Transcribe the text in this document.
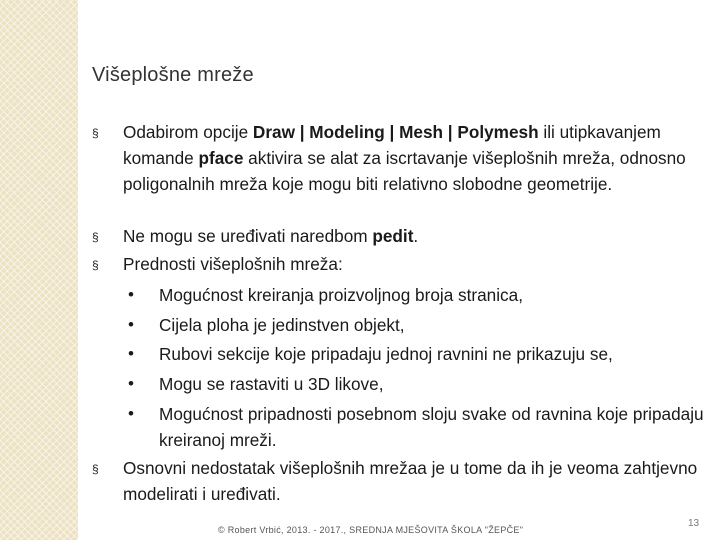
Višeplošne mreže
§ Odabirom opcije Draw | Modeling | Mesh | Polymesh ili utipkavanjem komande pface aktivira se alat za iscrtavanje višeplošnih mreža, odnosno poligonalnih mreža koje mogu biti relativno slobodne geometrije.
§ Ne mogu se uređivati naredbom pedit.
§ Prednosti višeplošnih mreža:
• Mogućnost kreiranja proizvoljnog broja stranica,
• Cijela ploha je jedinstven objekt,
• Rubovi sekcije koje pripadaju jednoj ravnini ne prikazuju se,
• Mogu se rastaviti u 3D likove,
• Mogućnost pripadnosti posebnom sloju svake od ravnina koje pripadaju kreiranoj mreži.
§ Osnovni nedostatak višeplošnih mrežaa je u tome da ih je veoma zahtjevno modelirati i uređivati.
© Robert Vrbić, 2013. - 2017., SREDNJA MJEŠOVITA ŠKOLA "ŽEPČE"
13
